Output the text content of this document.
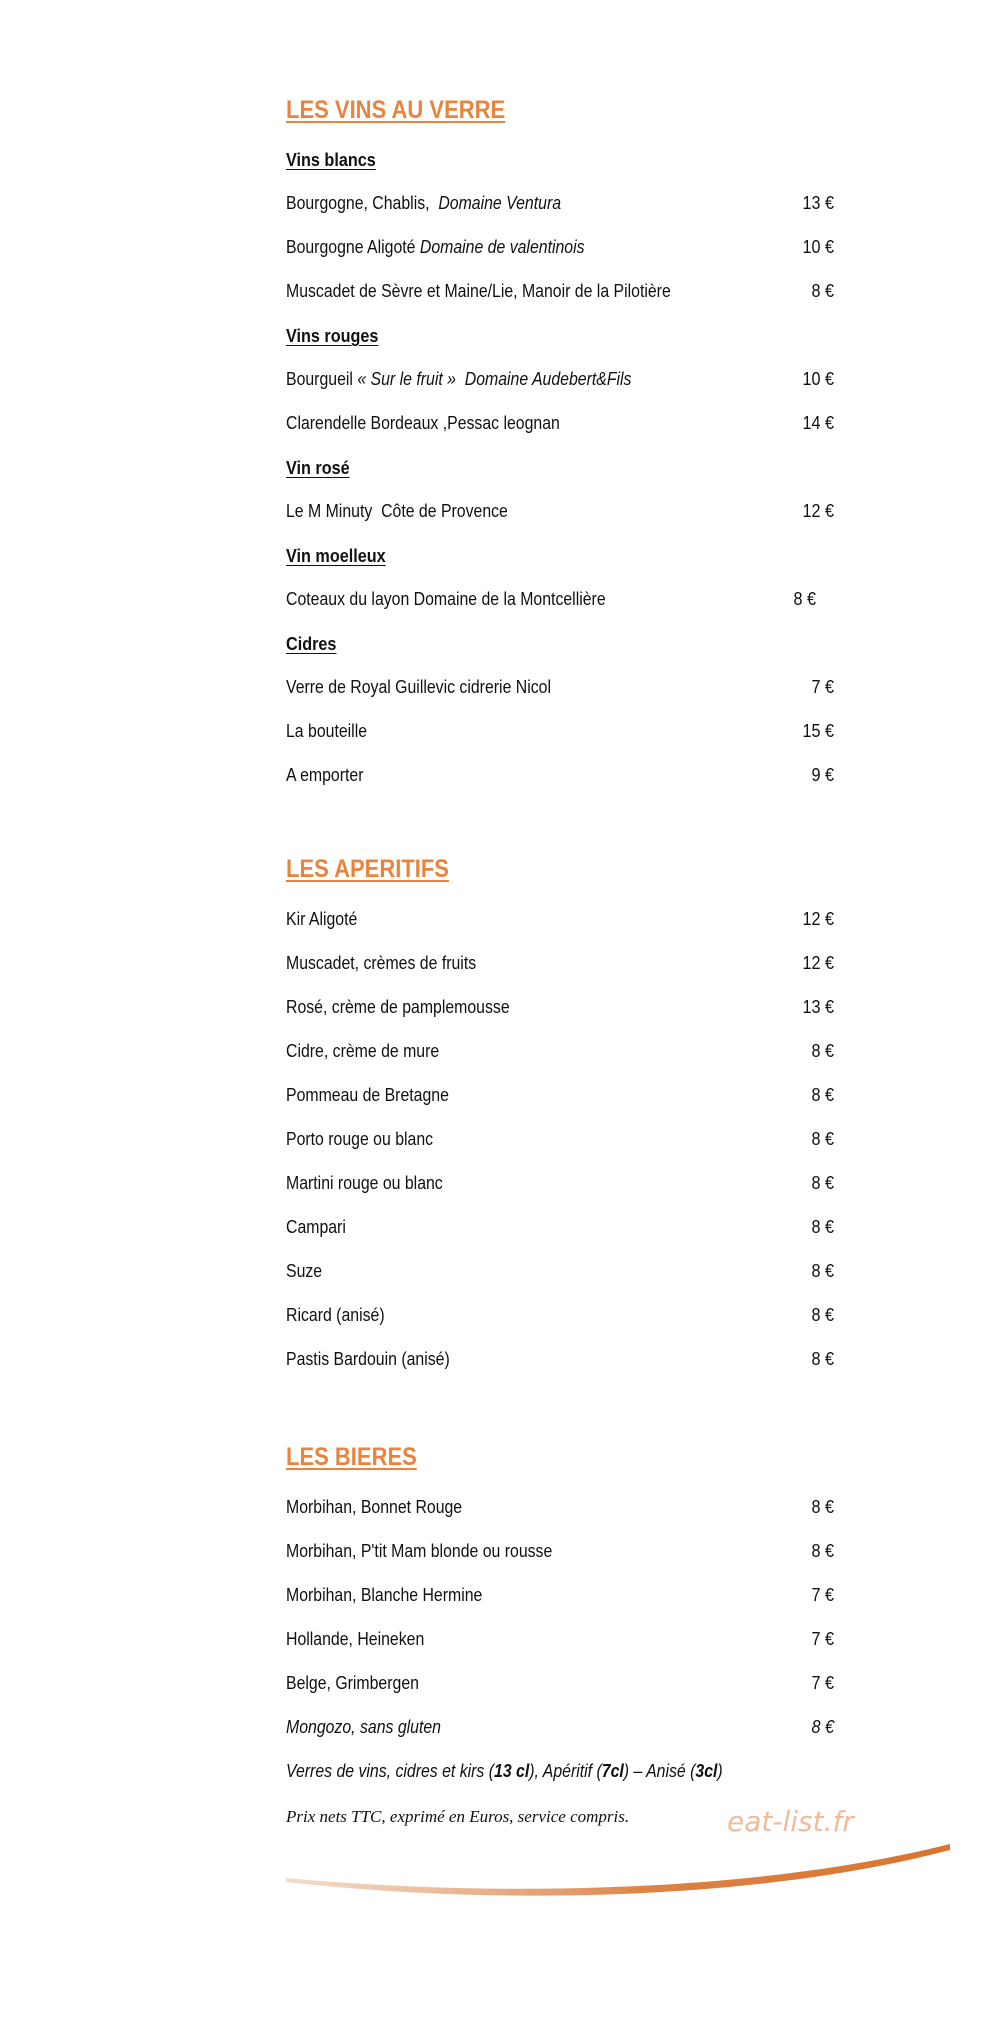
LES VINS AU VERRE
Vins blancs
Bourgogne, Chablis, Domaine Ventura	13 €
Bourgogne Aligoté Domaine de valentinois	10 €
Muscadet de Sèvre et Maine/Lie, Manoir de la Pilotière	8 €
Vins rouges
Bourgueil « Sur le fruit » Domaine Audebert&Fils	10 €
Clarendelle Bordeaux ,Pessac leognan	14 €
Vin rosé
Le M Minuty  Côte de Provence	12 €
Vin moelleux
Coteaux du layon Domaine de la Montcellière	8 €
Cidres
Verre de Royal Guillevic cidrerie Nicol	7 €
La bouteille	15 €
A emporter	9 €
LES APERITIFS
Kir Aligoté	12 €
Muscadet, crèmes de fruits	12 €
Rosé, crème de pamplemousse	13 €
Cidre, crème de mure	8 €
Pommeau de Bretagne	8 €
Porto rouge ou blanc	8 €
Martini rouge ou blanc	8 €
Campari	8 €
Suze	8 €
Ricard (anisé)	8 €
Pastis Bardouin (anisé)	8 €
LES BIERES
Morbihan, Bonnet Rouge	8 €
Morbihan, P'tit Mam blonde ou rousse	8 €
Morbihan, Blanche Hermine	7 €
Hollande, Heineken	7 €
Belge, Grimbergen	7 €
Mongozo, sans gluten	8 €
Verres de vins, cidres et kirs (13 cl), Apéritif (7cl) – Anisé (3cl)
Prix nets TTC, exprimé en Euros, service compris.	eat-list.fr
